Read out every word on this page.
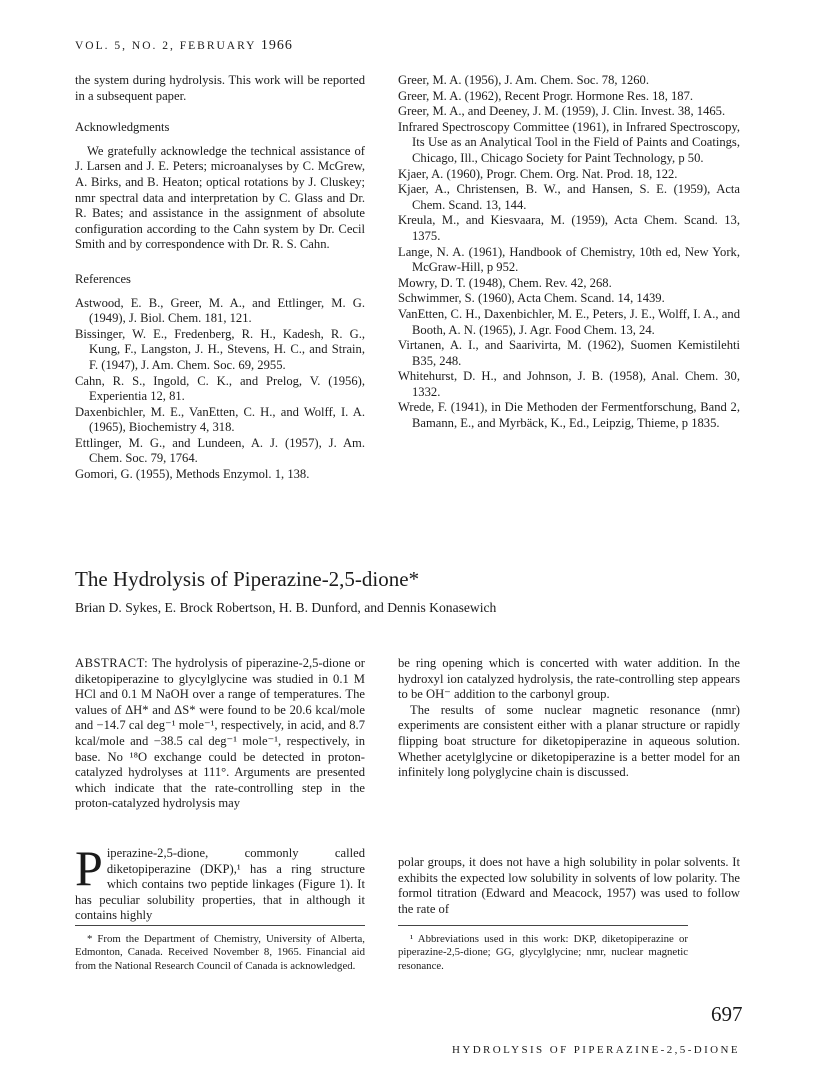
VOL. 5, NO. 2, FEBRUARY 1966

the system during hydrolysis. This work will be reported in a subsequent paper.

Acknowledgments

We gratefully acknowledge the technical assistance of J. Larsen and J. E. Peters; microanalyses by C. McGrew, A. Birks, and B. Heaton; optical rotations by J. Cluskey; nmr spectral data and interpretation by C. Glass and Dr. R. Bates; and assistance in the assignment of absolute configuration according to the Cahn system by Dr. Cecil Smith and by correspondence with Dr. R. S. Cahn.

References

Astwood, E. B., Greer, M. A., and Ettlinger, M. G. (1949), J. Biol. Chem. 181, 121.

Bissinger, W. E., Fredenberg, R. H., Kadesh, R. G., Kung, F., Langston, J. H., Stevens, H. C., and Strain, F. (1947), J. Am. Chem. Soc. 69, 2955.

Cahn, R. S., Ingold, C. K., and Prelog, V. (1956), Experientia 12, 81.

Daxenbichler, M. E., VanEtten, C. H., and Wolff, I. A. (1965), Biochemistry 4, 318.

Ettlinger, M. G., and Lundeen, A. J. (1957), J. Am. Chem. Soc. 79, 1764.

Gomori, G. (1955), Methods Enzymol. 1, 138.

Greer, M. A. (1956), J. Am. Chem. Soc. 78, 1260.

Greer, M. A. (1962), Recent Progr. Hormone Res. 18, 187.

Greer, M. A., and Deeney, J. M. (1959), J. Clin. Invest. 38, 1465.

Infrared Spectroscopy Committee (1961), in Infrared Spectroscopy, Its Use as an Analytical Tool in the Field of Paints and Coatings, Chicago, Ill., Chicago Society for Paint Technology, p 50.

Kjaer, A. (1960), Progr. Chem. Org. Nat. Prod. 18, 122.

Kjaer, A., Christensen, B. W., and Hansen, S. E. (1959), Acta Chem. Scand. 13, 144.

Kreula, M., and Kiesvaara, M. (1959), Acta Chem. Scand. 13, 1375.

Lange, N. A. (1961), Handbook of Chemistry, 10th ed, New York, McGraw-Hill, p 952.

Mowry, D. T. (1948), Chem. Rev. 42, 268.

Schwimmer, S. (1960), Acta Chem. Scand. 14, 1439.

VanEtten, C. H., Daxenbichler, M. E., Peters, J. E., Wolff, I. A., and Booth, A. N. (1965), J. Agr. Food Chem. 13, 24.

Virtanen, A. I., and Saarivirta, M. (1962), Suomen Kemistilehti B35, 248.

Whitehurst, D. H., and Johnson, J. B. (1958), Anal. Chem. 30, 1332.

Wrede, F. (1941), in Die Methoden der Fermentforschung, Band 2, Bamann, E., and Myrbäck, K., Ed., Leipzig, Thieme, p 1835.

The Hydrolysis of Piperazine-2,5-dione*
Brian D. Sykes, E. Brock Robertson, H. B. Dunford, and Dennis Konasewich

ABSTRACT: The hydrolysis of piperazine-2,5-dione or diketopiperazine to glycylglycine was studied in 0.1 M HCl and 0.1 M NaOH over a range of temperatures. The values of ΔH* and ΔS* were found to be 20.6 kcal/mole and −14.7 cal deg⁻¹ mole⁻¹, respectively, in acid, and 8.7 kcal/mole and −38.5 cal deg⁻¹ mole⁻¹, respectively, in base. No ¹⁸O exchange could be detected in proton-catalyzed hydrolyses at 111°. Arguments are presented which indicate that the rate-controlling step in the proton-catalyzed hydrolysis may

be ring opening which is concerted with water addition. In the hydroxyl ion catalyzed hydrolysis, the rate-controlling step appears to be OH⁻ addition to the carbonyl group.

The results of some nuclear magnetic resonance (nmr) experiments are consistent either with a planar structure or rapidly flipping boat structure for diketopiperazine in aqueous solution. Whether acetylglycine or diketopiperazine is a better model for an infinitely long polyglycine chain is discussed.

Piperazine-2,5-dione, commonly called diketopiperazine (DKP),¹ has a ring structure which contains two peptide linkages (Figure 1). It has peculiar solubility properties, that in although it contains highly

polar groups, it does not have a high solubility in polar solvents. It exhibits the expected low solubility in solvents of low polarity. The formol titration (Edward and Meacock, 1957) was used to follow the rate of

* From the Department of Chemistry, University of Alberta, Edmonton, Canada. Received November 8, 1965. Financial aid from the National Research Council of Canada is acknowledged.

¹ Abbreviations used in this work: DKP, diketopiperazine or piperazine-2,5-dione; GG, glycylglycine; nmr, nuclear magnetic resonance.

697
HYDROLYSIS OF PIPERAZINE-2,5-DIONE
